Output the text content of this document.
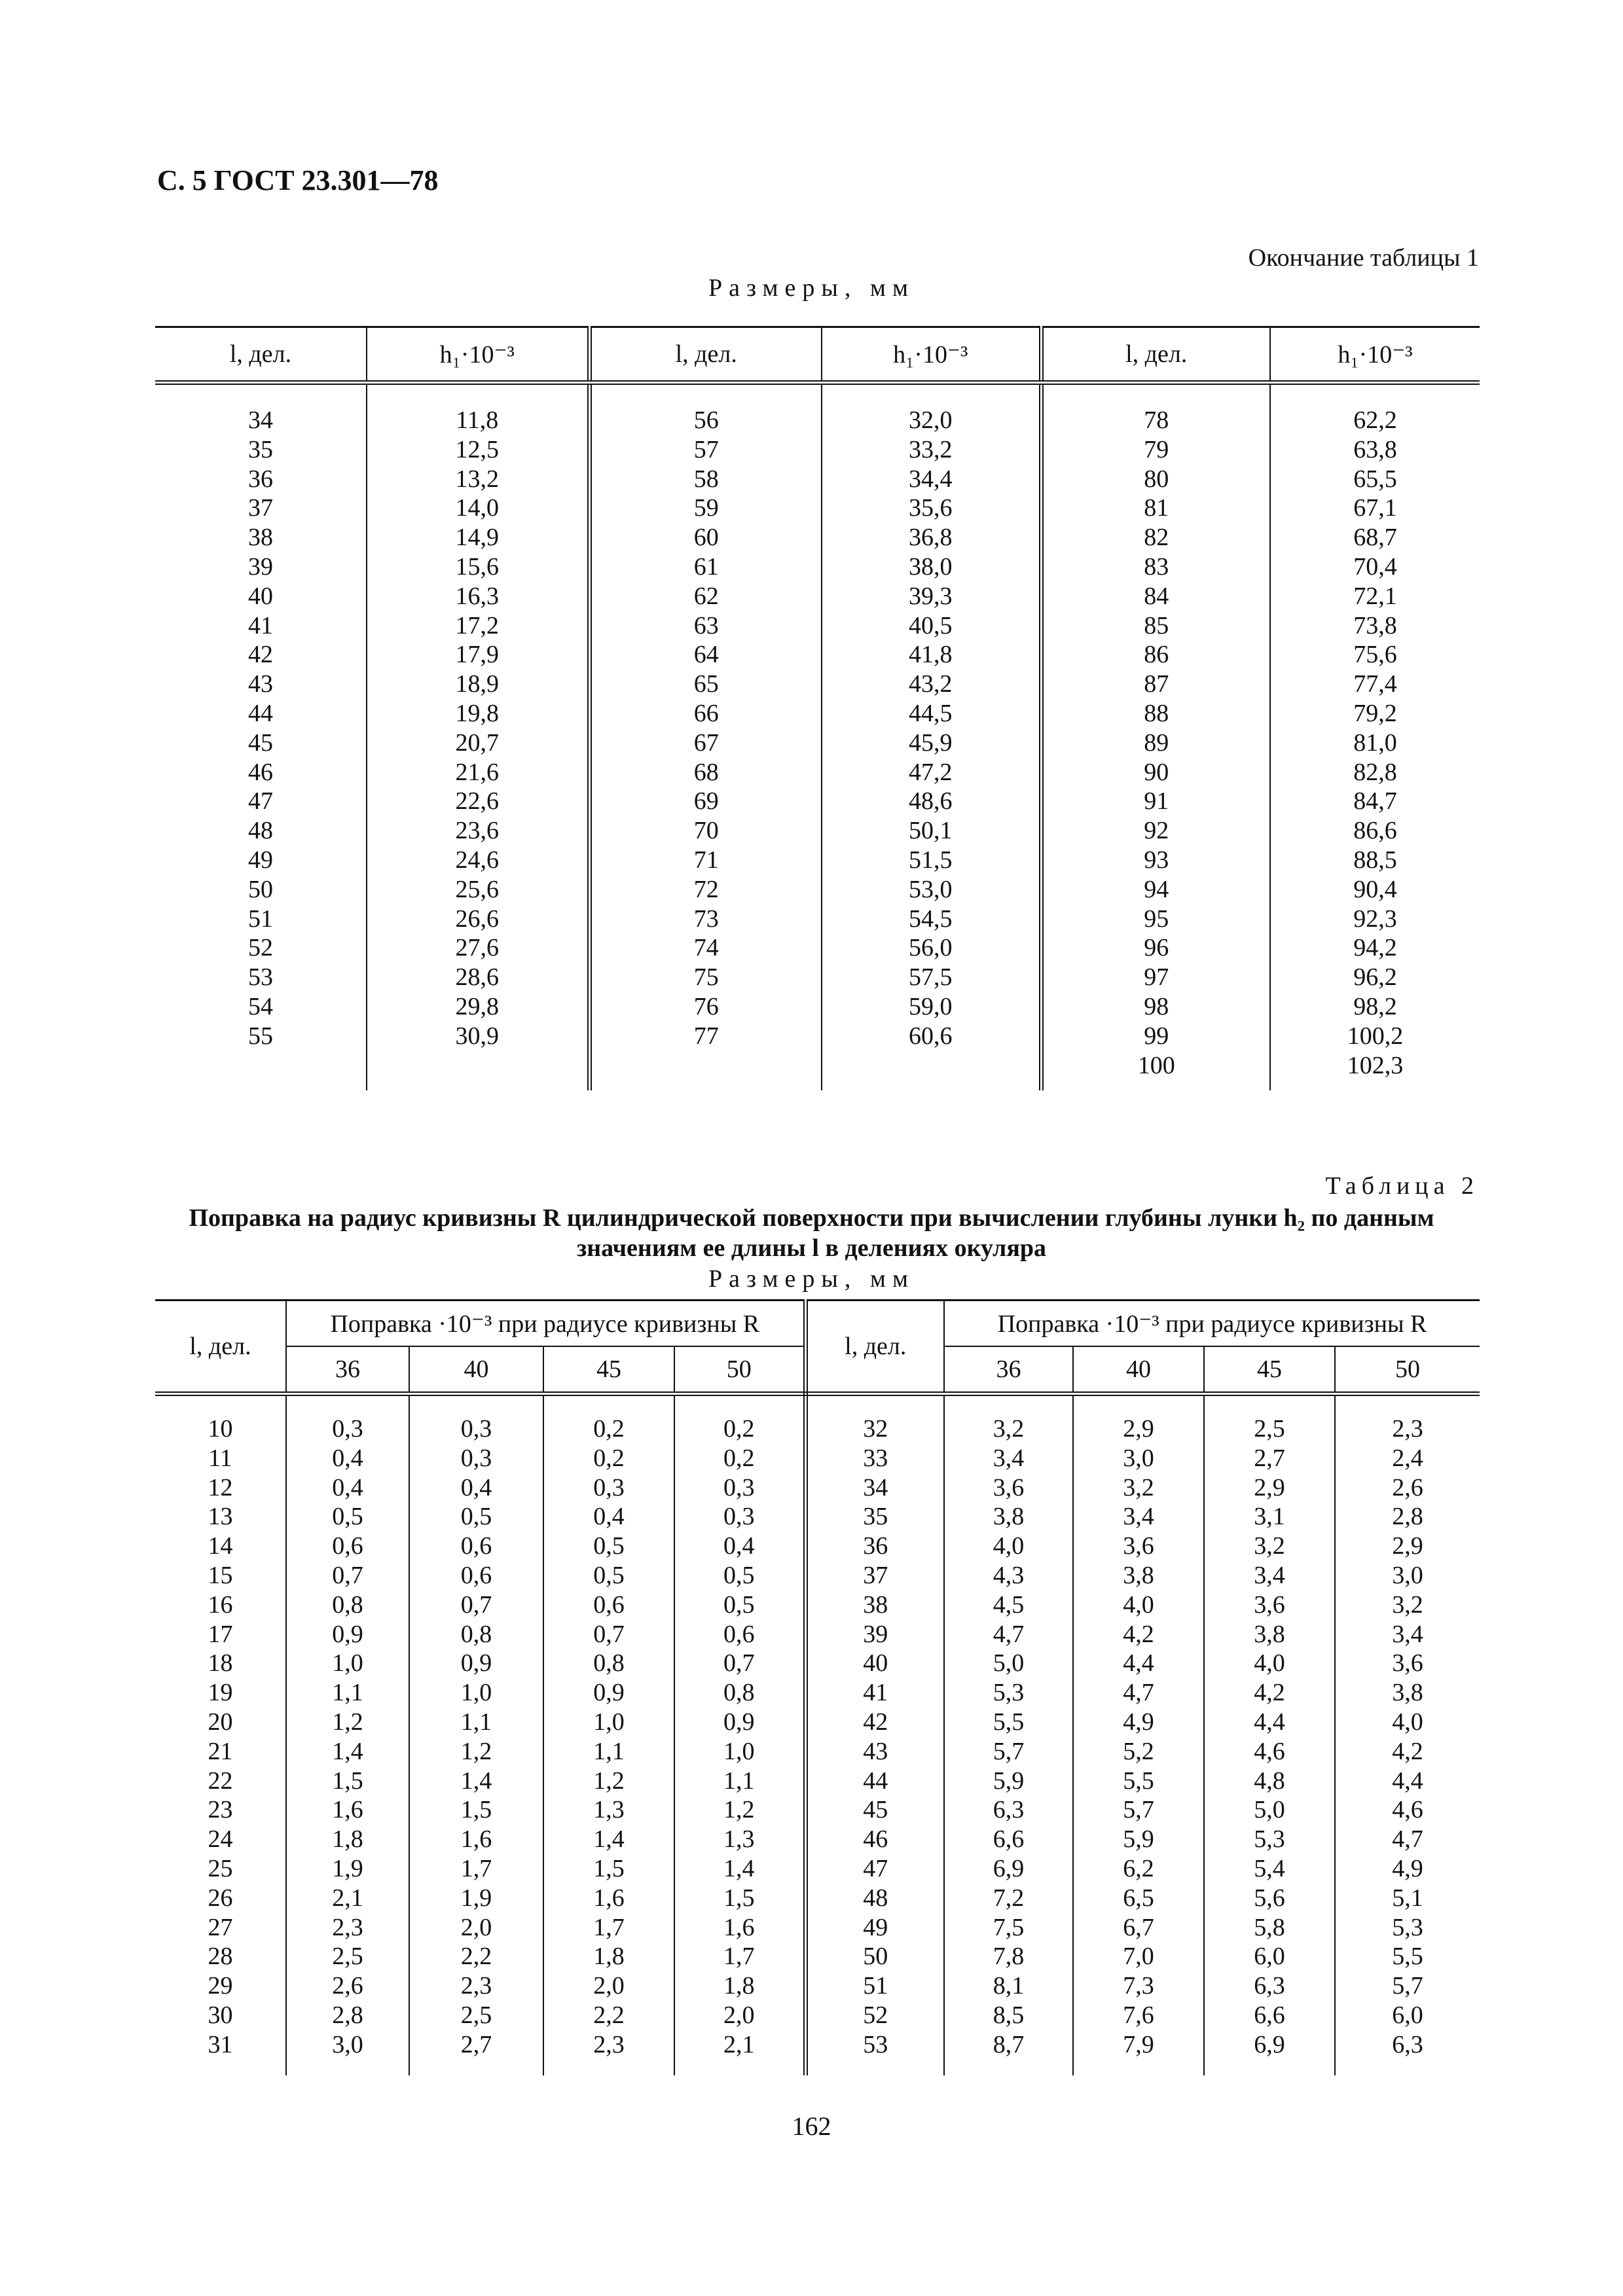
С. 5 ГОСТ 23.301—78
Окончание таблицы 1
Размеры, мм
l, дел.	h₁·10⁻³	l, дел.	h₁·10⁻³	l, дел.	h₁·10⁻³

34	11,8	56	32,0	78	62,2
35	12,5	57	33,2	79	63,8
36	13,2	58	34,4	80	65,5
37	14,0	59	35,6	81	67,1
38	14,9	60	36,8	82	68,7
39	15,6	61	38,0	83	70,4
40	16,3	62	39,3	84	72,1
41	17,2	63	40,5	85	73,8
42	17,9	64	41,8	86	75,6
43	18,9	65	43,2	87	77,4
44	19,8	66	44,5	88	79,2
45	20,7	67	45,9	89	81,0
46	21,6	68	47,2	90	82,8
47	22,6	69	48,6	91	84,7
48	23,6	70	50,1	92	86,6
49	24,6	71	51,5	93	88,5
50	25,6	72	53,0	94	90,4
51	26,6	73	54,5	95	92,3
52	27,6	74	56,0	96	94,2
53	28,6	75	57,5	97	96,2
54	29,8	76	59,0	98	98,2
55	30,9	77	60,6	99	100,2
				100	102,3

Таблица 2
Поправка на радиус кривизны R цилиндрической поверхности при вычислении глубины лунки h₂ по данным
значениям ее длины l в делениях окуляра
Размеры, мм
l, дел.	Поправка ·10⁻³ при радиусе кривизны R				l, дел.	Поправка ·10⁻³ при радиусе кривизны R			
	36	40	45	50		36	40	45	50

10	0,3	0,3	0,2	0,2	32	3,2	2,9	2,5	2,3
11	0,4	0,3	0,2	0,2	33	3,4	3,0	2,7	2,4
12	0,4	0,4	0,3	0,3	34	3,6	3,2	2,9	2,6
13	0,5	0,5	0,4	0,3	35	3,8	3,4	3,1	2,8
14	0,6	0,6	0,5	0,4	36	4,0	3,6	3,2	2,9
15	0,7	0,6	0,5	0,5	37	4,3	3,8	3,4	3,0
16	0,8	0,7	0,6	0,5	38	4,5	4,0	3,6	3,2
17	0,9	0,8	0,7	0,6	39	4,7	4,2	3,8	3,4
18	1,0	0,9	0,8	0,7	40	5,0	4,4	4,0	3,6
19	1,1	1,0	0,9	0,8	41	5,3	4,7	4,2	3,8
20	1,2	1,1	1,0	0,9	42	5,5	4,9	4,4	4,0
21	1,4	1,2	1,1	1,0	43	5,7	5,2	4,6	4,2
22	1,5	1,4	1,2	1,1	44	5,9	5,5	4,8	4,4
23	1,6	1,5	1,3	1,2	45	6,3	5,7	5,0	4,6
24	1,8	1,6	1,4	1,3	46	6,6	5,9	5,3	4,7
25	1,9	1,7	1,5	1,4	47	6,9	6,2	5,4	4,9
26	2,1	1,9	1,6	1,5	48	7,2	6,5	5,6	5,1
27	2,3	2,0	1,7	1,6	49	7,5	6,7	5,8	5,3
28	2,5	2,2	1,8	1,7	50	7,8	7,0	6,0	5,5
29	2,6	2,3	2,0	1,8	51	8,1	7,3	6,3	5,7
30	2,8	2,5	2,2	2,0	52	8,5	7,6	6,6	6,0
31	3,0	2,7	2,3	2,1	53	8,7	7,9	6,9	6,3

162
